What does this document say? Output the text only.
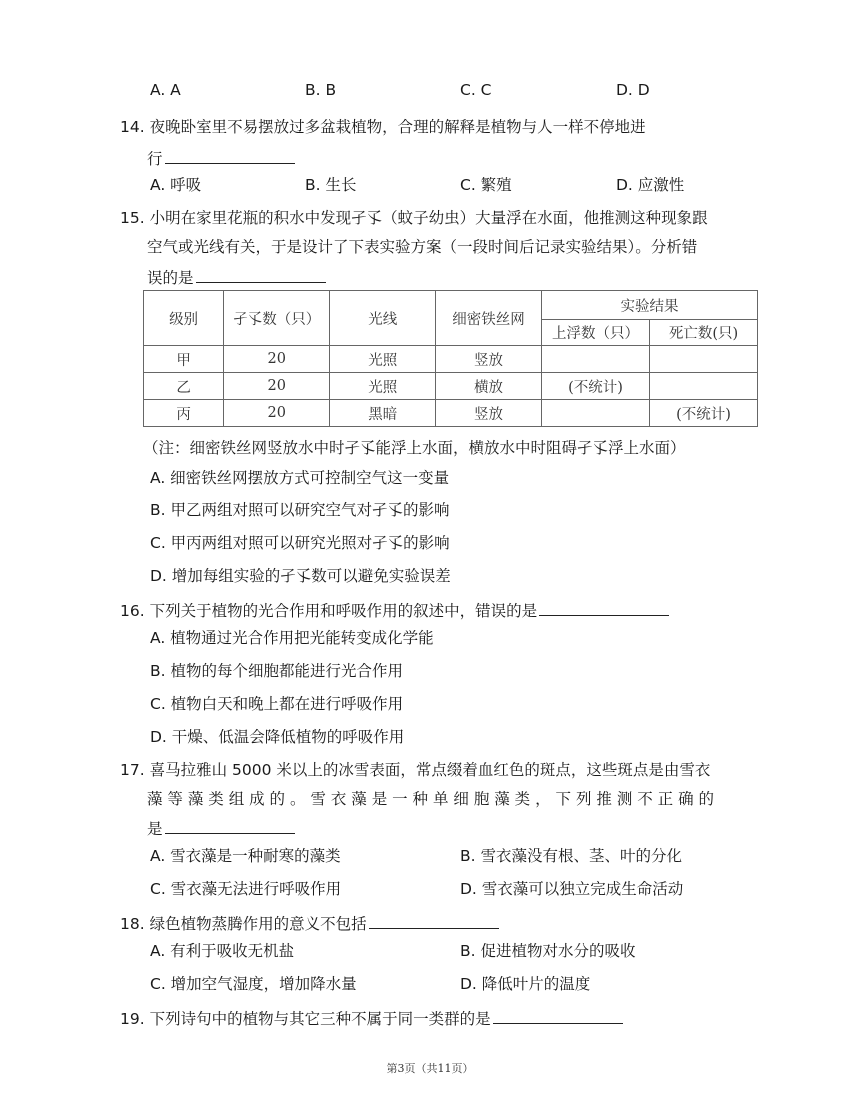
A. A	B. B	C. C	D. D
14. 夜晚卧室里不易摆放过多盆栽植物，合理的解释是植物与人一样不停地进
行
A. 呼吸	B. 生长	C. 繁殖	D. 应激性
15. 小明在家里花瓶的积水中发现孑孓（蚊子幼虫）大量浮在水面，他推测这种现象跟
空气或光线有关，于是设计了下表实验方案（一段时间后记录实验结果）。分析错
误的是
级别	孑孓数（只）	光线	细密铁丝网	实验结果	
				上浮数（只）	死亡数(只)
甲	20	光照	竖放		
乙	20	光照	横放	(不统计)	
丙	20	黑暗	竖放		(不统计)
（注：细密铁丝网竖放水中时孑孓能浮上水面，横放水中时阻碍孑孓浮上水面）
A. 细密铁丝网摆放方式可控制空气这一变量
B. 甲乙两组对照可以研究空气对孑孓的影响
C. 甲丙两组对照可以研究光照对孑孓的影响
D. 增加每组实验的孑孓数可以避免实验误差
16. 下列关于植物的光合作用和呼吸作用的叙述中，错误的是
A. 植物通过光合作用把光能转变成化学能
B. 植物的每个细胞都能进行光合作用
C. 植物白天和晚上都在进行呼吸作用
D. 干燥、低温会降低植物的呼吸作用
17. 喜马拉雅山 5000 米以上的冰雪表面，常点缀着血红色的斑点，这些斑点是由雪衣
藻 等 藻 类 组 成 的 。 雪 衣 藻 是 一 种 单 细 胞 藻 类 ， 下 列 推 测 不 正 确 的
是
A. 雪衣藻是一种耐寒的藻类	B. 雪衣藻没有根、茎、叶的分化
C. 雪衣藻无法进行呼吸作用	D. 雪衣藻可以独立完成生命活动
18. 绿色植物蒸腾作用的意义不包括
A. 有利于吸收无机盐	B. 促进植物对水分的吸收
C. 增加空气湿度，增加降水量	D. 降低叶片的温度
19. 下列诗句中的植物与其它三种不属于同一类群的是
第3页（共11页）
